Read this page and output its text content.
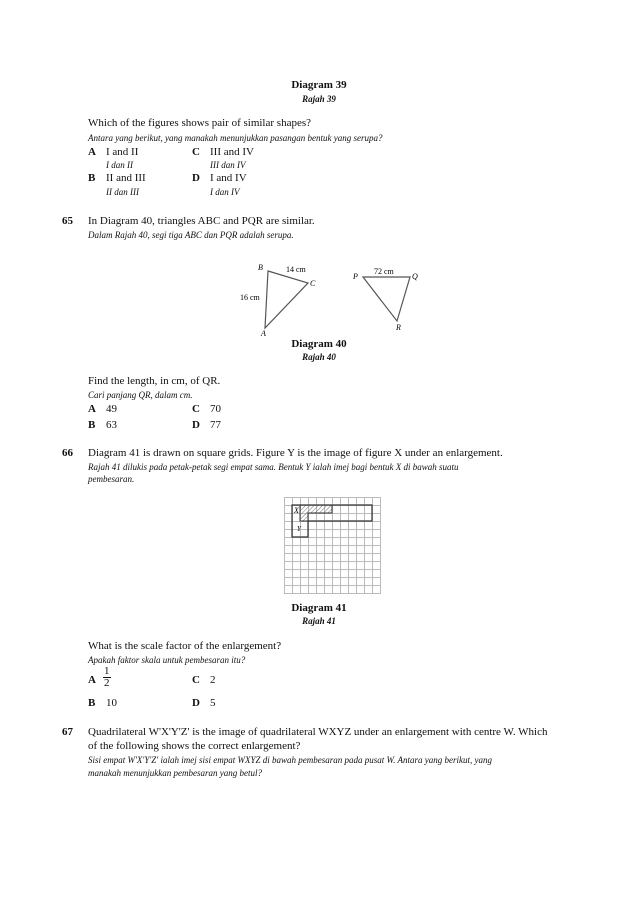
Diagram 39
Rajah 39
Which of the figures shows pair of similar shapes?
Antara yang berikut, yang manakah menunjukkan pasangan bentuk yang serupa?
A I and II
I dan II
C III and IV
III dan IV
B II and III
II dan III
D I and IV
I dan IV
65 In Diagram 40, triangles ABC and PQR are similar.
Dalam Rajah 40, segi tiga ABC dan PQR adalah serupa.
B
C
A
14 cm
16 cm
P	Q
R
72 cm
Diagram 40
Rajah 40
Find the length, in cm, of QR.
Cari panjang QR, dalam cm.
A 49	C 70
B 63	D 77
66 Diagram 41 is drawn on square grids. Figure Y is the image of figure X under an enlargement.
Rajah 41 dilukis pada petak-petak segi empat sama. Bentuk Y ialah imej bagi bentuk X di bawah suatu
pembesaran.
X
Y
Diagram 41
Rajah 41
What is the scale factor of the enlargement?
Apakah faktor skala untuk pembesaran itu?
A $\frac{1}{2}$	C 2
B 10	D 5
67 Quadrilateral W'X'Y'Z' is the image of quadrilateral WXYZ under an enlargement with centre W. Which
of the following shows the correct enlargement?
Sisi empat W'X'Y'Z' ialah imej sisi empat WXYZ di bawah pembesaran pada pusat W. Antara yang berikut, yang
manakah menunjukkan pembesaran yang betul?
